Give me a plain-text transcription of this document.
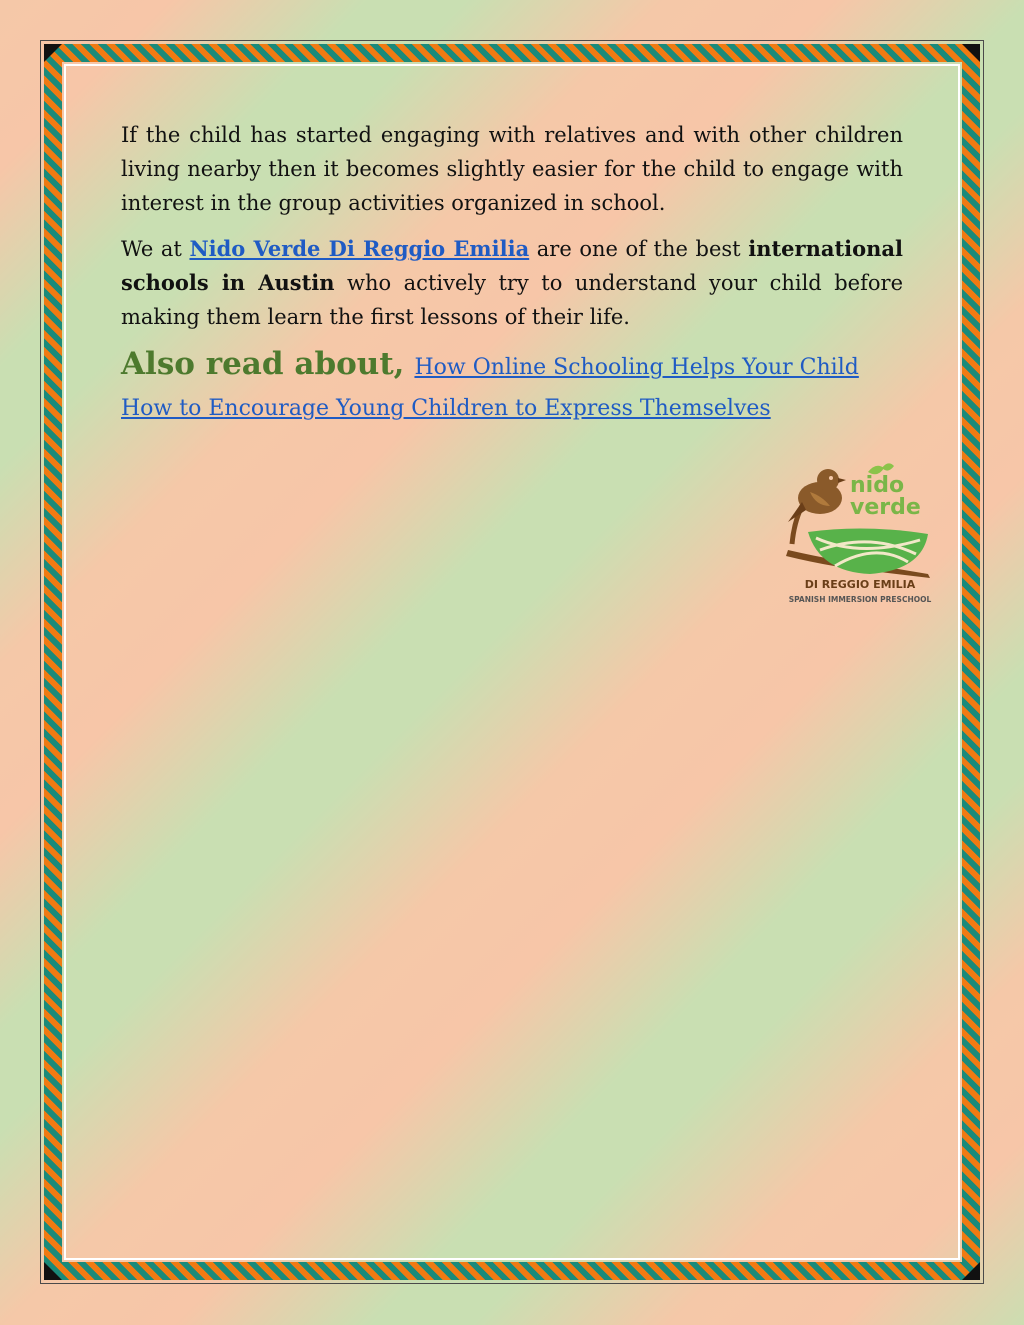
If the child has started engaging with relatives and with other children living nearby then it becomes slightly easier for the child to engage with interest in the group activities organized in school.

We at Nido Verde Di Reggio Emilia are one of the best international schools in Austin who actively try to understand your child before making them learn the first lessons of their life.

Also read about, How Online Schooling Helps Your Child
How to Encourage Young Children to Express Themselves
nido
verde
DI REGGIO EMILIA
SPANISH IMMERSION PRESCHOOL
